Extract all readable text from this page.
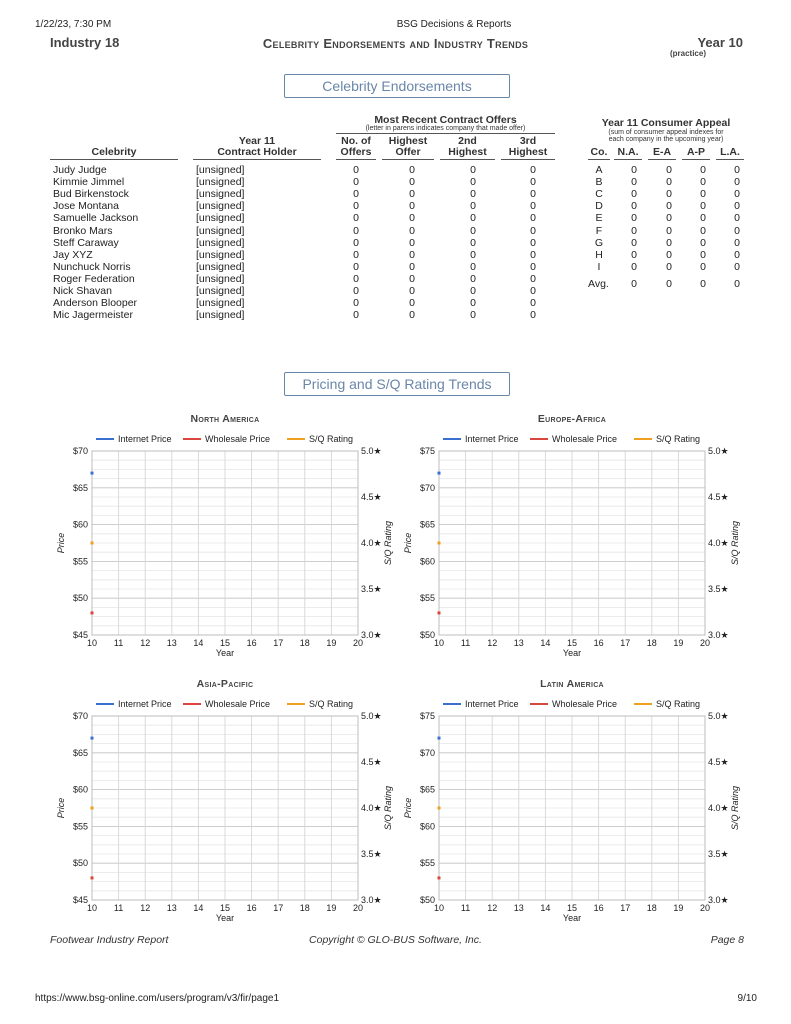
1/22/23, 7:30 PM	BSG Decisions & Reports
Industry 18	Celebrity Endorsements and Industry Trends	Year 10
(practice)
Celebrity Endorsements
Most Recent Contract Offers
(letter in parens indicates company that made offer)
Celebrity
Year 11
Contract Holder
No. of
Offers
Highest
Offer
2nd
Highest
3rd
Highest
Judy Judge	[unsigned]	0	0	0	0
Kimmie Jimmel	[unsigned]	0	0	0	0
Bud Birkenstock	[unsigned]	0	0	0	0
Jose Montana	[unsigned]	0	0	0	0
Samuelle Jackson	[unsigned]	0	0	0	0
Bronko Mars	[unsigned]	0	0	0	0
Steff Caraway	[unsigned]	0	0	0	0
Jay XYZ	[unsigned]	0	0	0	0
Nunchuck Norris	[unsigned]	0	0	0	0
Roger Federation	[unsigned]	0	0	0	0
Nick Shavan	[unsigned]	0	0	0	0
Anderson Blooper	[unsigned]	0	0	0	0
Mic Jagermeister	[unsigned]	0	0	0	0
Year 11 Consumer Appeal
(sum of consumer appeal indexes for
each company in the upcoming year)
Co. N.A.	E-A	A-P	L.A.
A	0	0	0	0
B	0	0	0	0
C	0	0	0	0
D	0	0	0	0
E	0	0	0	0
F	0	0	0	0
G	0	0	0	0
H	0	0	0	0
I	0	0	0	0
Avg.	0	0	0	0
Pricing and S/Q Rating Trends
North America
Internet Price	Wholesale Price	S/Q Rating
$70
$65
$60
$55
$50
$45
5.0★
4.5★
4.0★
3.5★
3.0★
10 11 12 13 14 15 16 17 18 19 20
Year
Price	S/Q Rating
Europe-Africa
Internet Price	Wholesale Price	S/Q Rating
$75
$70
$65
$60
$55
$50
5.0★
4.5★
4.0★
3.5★
3.0★
10 11 12 13 14 15 16 17 18 19 20
Year
Price	S/Q Rating
Asia-Pacific
Internet Price	Wholesale Price	S/Q Rating
$70
$65
$60
$55
$50
$45
5.0★
4.5★
4.0★
3.5★
3.0★
10 11 12 13 14 15 16 17 18 19 20
Year
Price	S/Q Rating
Latin America
Internet Price	Wholesale Price	S/Q Rating
$75
$70
$65
$60
$55
$50
5.0★
4.5★
4.0★
3.5★
3.0★
10 11 12 13 14 15 16 17 18 19 20
Year
Price	S/Q Rating
Footwear Industry Report	Copyright © GLO-BUS Software, Inc.	Page 8
https://www.bsg-online.com/users/program/v3/fir/page1	9/10
